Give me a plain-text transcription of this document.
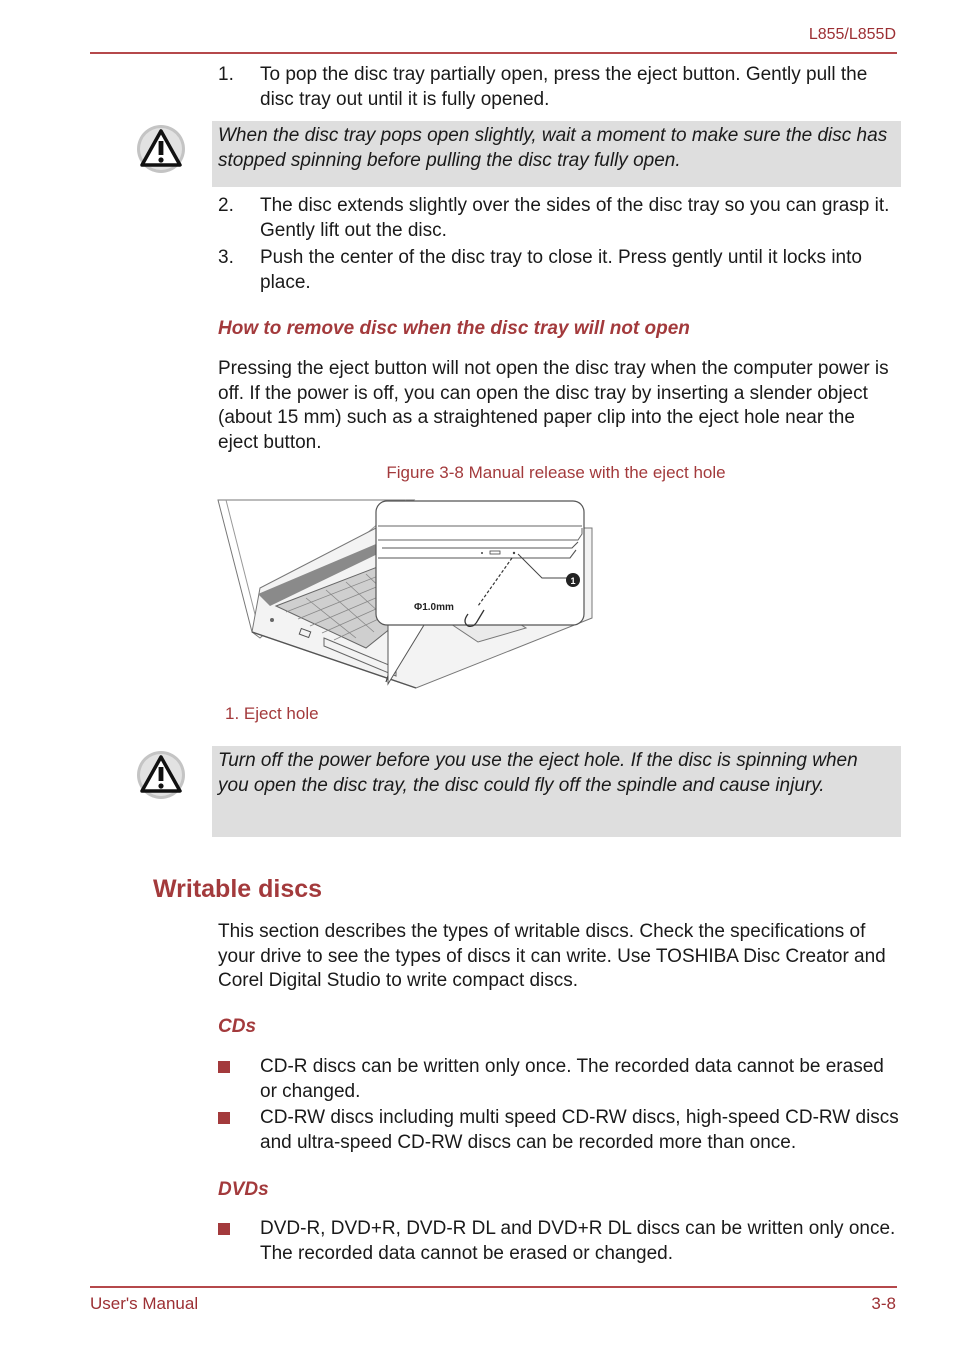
L855/L855D
1. To pop the disc tray partially open, press the eject button. Gently pull the disc tray out until it is fully opened.
When the disc tray pops open slightly, wait a moment to make sure the disc has stopped spinning before pulling the disc tray fully open.
2. The disc extends slightly over the sides of the disc tray so you can grasp it. Gently lift out the disc.
3. Push the center of the disc tray to close it. Press gently until it locks into place.
How to remove disc when the disc tray will not open
Pressing the eject button will not open the disc tray when the computer power is off. If the power is off, you can open the disc tray by inserting a slender object (about 15 mm) such as a straightened paper clip into the eject hole near the eject button.
Figure 3-8 Manual release with the eject hole
1
Φ1.0mm
1. Eject hole
Turn off the power before you use the eject hole. If the disc is spinning when you open the disc tray, the disc could fly off the spindle and cause injury.
Writable discs
This section describes the types of writable discs. Check the specifications of your drive to see the types of discs it can write. Use TOSHIBA Disc Creator and Corel Digital Studio to write compact discs.
CDs
CD-R discs can be written only once. The recorded data cannot be erased or changed.
CD-RW discs including multi speed CD-RW discs, high-speed CD-RW discs and ultra-speed CD-RW discs can be recorded more than once.
DVDs
DVD-R, DVD+R, DVD-R DL and DVD+R DL discs can be written only once. The recorded data cannot be erased or changed.
User's Manual	3-8
